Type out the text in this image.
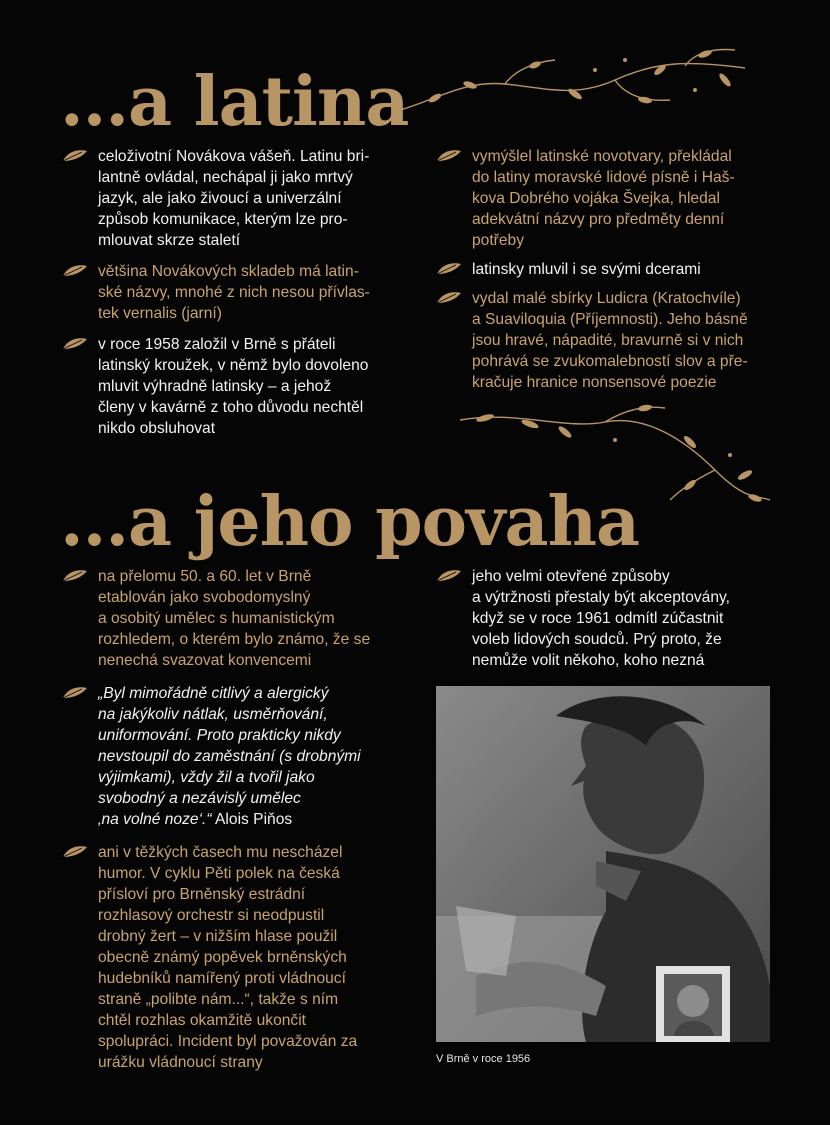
...a latina
...a jeho povaha
celoživotní Novákova vášeň. Latinu bri-
lantně ovládal, nechápal ji jako mrtvý
jazyk, ale jako živoucí a univerzální
způsob komunikace, kterým lze pro-
mlouvat skrze staletí
většina Novákových skladeb má latin-
ské názvy, mnohé z nich nesou přívlas-
tek vernalis (jarní)
v roce 1958 založil v Brně s přáteli
latinský kroužek, v němž bylo dovoleno
mluvit výhradně latinsky – a jehož
členy v kavárně z toho důvodu nechtěl
nikdo obsluhovat
vymýšlel latinské novotvary, překládal
do latiny moravské lidové písně i Haš-
kova Dobrého vojáka Švejka, hledal
adekvátní názvy pro předměty denní
potřeby
latinsky mluvil i se svými dcerami
vydal malé sbírky Ludicra (Kratochvíle)
a Suaviloquia (Příjemnosti). Jeho básně
jsou hravé, nápadité, bravurně si v nich
pohrává se zvukomalebností slov a pře-
kračuje hranice nonsensové poezie
na přelomu 50. a 60. let v Brně
etablován jako svobodomyslný
a osobitý umělec s humanistickým
rozhledem, o kterém bylo známo, že se
nenechá svazovat konvencemi
„Byl mimořádně citlivý a alergický
na jakýkoliv nátlak, usměrňování,
uniformování. Proto prakticky nikdy
nevstoupil do zaměstnání (s drobnými
výjimkami), vždy žil a tvořil jako
svobodný a nezávislý umělec
‚na volné noze‘.“ Alois Piňos
ani v těžkých časech mu nescházel
humor. V cyklu Pěti polek na česká
přísloví pro Brněnský estrádní
rozhlasový orchestr si neodpustil
drobný žert – v nižším hlase použil
obecně známý popěvek brněnských
hudebníků namířený proti vládnoucí
straně „polibte nám...“, takže s ním
chtěl rozhlas okamžitě ukončit
spolupráci. Incident byl považován za
urážku vládnoucí strany
jeho velmi otevřené způsoby
a výtržnosti přestaly být akceptovány,
když se v roce 1961 odmítl zúčastnit
voleb lidových soudců. Prý proto, že
nemůže volit někoho, koho nezná
V Brně v roce 1956
